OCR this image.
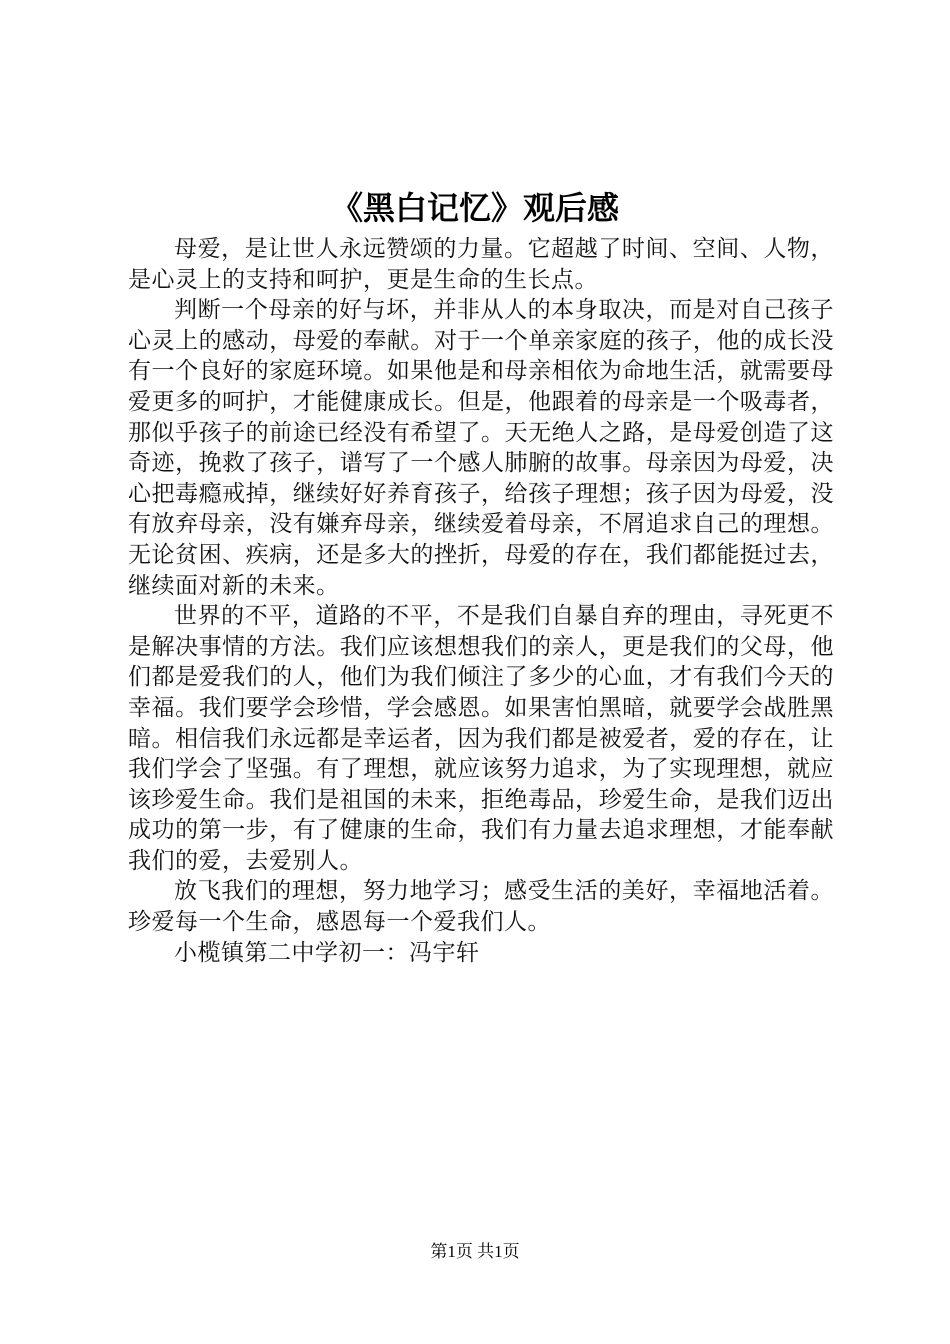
《黑白记忆》观后感

母爱，是让世人永远赞颂的力量。它超越了时间、空间、人物，是心灵上的支持和呵护，更是生命的生长点。

判断一个母亲的好与坏，并非从人的本身取决，而是对自己孩子心灵上的感动，母爱的奉献。对于一个单亲家庭的孩子，他的成长没有一个良好的家庭环境。如果他是和母亲相依为命地生活，就需要母爱更多的呵护，才能健康成长。但是，他跟着的母亲是一个吸毒者，那似乎孩子的前途已经没有希望了。天无绝人之路，是母爱创造了这奇迹，挽救了孩子，谱写了一个感人肺腑的故事。母亲因为母爱，决心把毒瘾戒掉，继续好好养育孩子，给孩子理想；孩子因为母爱，没有放弃母亲，没有嫌弃母亲，继续爱着母亲，不屑追求自己的理想。无论贫困、疾病，还是多大的挫折，母爱的存在，我们都能挺过去，继续面对新的未来。

世界的不平，道路的不平，不是我们自暴自弃的理由，寻死更不是解决事情的方法。我们应该想想我们的亲人，更是我们的父母，他们都是爱我们的人，他们为我们倾注了多少的心血，才有我们今天的幸福。我们要学会珍惜，学会感恩。如果害怕黑暗，就要学会战胜黑暗。相信我们永远都是幸运者，因为我们都是被爱者，爱的存在，让我们学会了坚强。有了理想，就应该努力追求，为了实现理想，就应该珍爱生命。我们是祖国的未来，拒绝毒品，珍爱生命，是我们迈出成功的第一步，有了健康的生命，我们有力量去追求理想，才能奉献我们的爱，去爱别人。

放飞我们的理想，努力地学习；感受生活的美好，幸福地活着。珍爱每一个生命，感恩每一个爱我们人。

小榄镇第二中学初一：冯宇轩

第1页 共1页
